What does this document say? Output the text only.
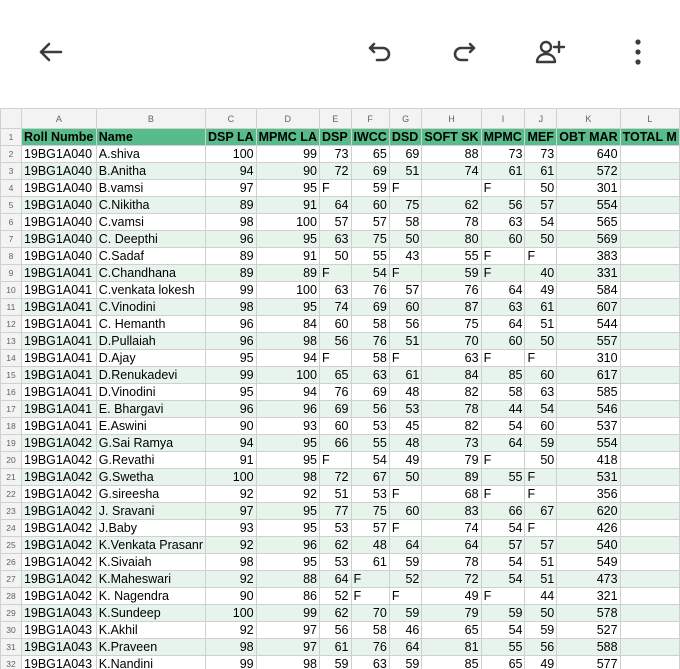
	A	B	C	D	E	F	G	H	I	J	K	L
1	Roll Numbe	Name	DSP LA	MPMC LA	DSP	IWCC	DSD	SOFT SK	MPMC	MEF	OBT MAR	TOTAL M
2	19BG1A040	A.shiva	100	99	73	65	69	88	73	73	640	
3	19BG1A040	B.Anitha	94	90	72	69	51	74	61	61	572	
4	19BG1A040	B.vamsi	97	95	F	59	F		F	50	301	
5	19BG1A040	C.Nikitha	89	91	64	60	75	62	56	57	554	
6	19BG1A040	C.vamsi	98	100	57	57	58	78	63	54	565	
7	19BG1A040	C. Deepthi	96	95	63	75	50	80	60	50	569	
8	19BG1A040	C.Sadaf	89	91	50	55	43	55	F	F	383	
9	19BG1A041	C.Chandhana	89	89	F	54	F	59	F	40	331	
10	19BG1A041	C.venkata lokesh	99	100	63	76	57	76	64	49	584	
11	19BG1A041	C.Vinodini	98	95	74	69	60	87	63	61	607	
12	19BG1A041	C. Hemanth	96	84	60	58	56	75	64	51	544	
13	19BG1A041	D.Pullaiah	96	98	56	76	51	70	60	50	557	
14	19BG1A041	D.Ajay	95	94	F	58	F	63	F	F	310	
15	19BG1A041	D.Renukadevi	99	100	65	63	61	84	85	60	617	
16	19BG1A041	D.Vinodini	95	94	76	69	48	82	58	63	585	
17	19BG1A041	E. Bhargavi	96	96	69	56	53	78	44	54	546	
18	19BG1A041	E.Aswini	90	93	60	53	45	82	54	60	537	
19	19BG1A042	G.Sai Ramya	94	95	66	55	48	73	64	59	554	
20	19BG1A042	G.Revathi	91	95	F	54	49	79	F	50	418	
21	19BG1A042	G.Swetha	100	98	72	67	50	89	55	F	531	
22	19BG1A042	G.sireesha	92	92	51	53	F	68	F	F	356	
23	19BG1A042	J. Sravani	97	95	77	75	60	83	66	67	620	
24	19BG1A042	J.Baby	93	95	53	57	F	74	54	F	426	
25	19BG1A042	K.Venkata Prasanr	92	96	62	48	64	64	57	57	540	
26	19BG1A042	K.Sivaiah	98	95	53	61	59	78	54	51	549	
27	19BG1A042	K.Maheswari	92	88	64	F	52	72	54	51	473	
28	19BG1A042	K. Nagendra	90	86	52	F	F	49	F	44	321	
29	19BG1A043	K.Sundeep	100	99	62	70	59	79	59	50	578	
30	19BG1A043	K.Akhil	92	97	56	58	46	65	54	59	527	
31	19BG1A043	K.Praveen	98	97	61	76	64	81	55	56	588	
32	19BG1A043	K.Nandini	99	98	59	63	59	85	65	49	577	
